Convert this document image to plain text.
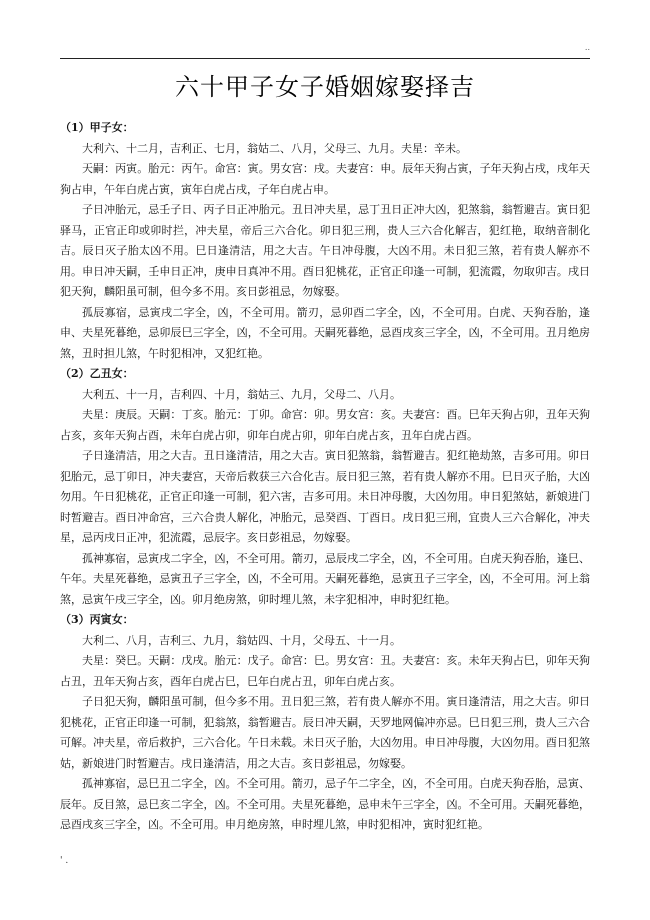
..
六十甲子女子婚姻嫁娶择吉

（1）甲子女：

大利六、十二月，吉利正、七月，翁姑二、八月，父母三、九月。夫星：辛未。

天嗣：丙寅。胎元：丙午。命宫：寅。男女宫：戌。夫妻宫：申。辰年天狗占寅，子年天狗占戌，戌年天狗占申，午年白虎占寅，寅年白虎占戌，子年白虎占申。

子日冲胎元，忌壬子日、丙子日正冲胎元。丑日冲夫星，忌丁丑日正冲大凶，犯煞翁，翁暂避吉。寅日犯驿马，正官正印或卯时拦，冲夫星，帝后三六合化。卯日犯三刑，贵人三六合化解吉，犯红艳，取纳音制化吉。辰日灭子胎太凶不用。巳日逢清洁，用之大吉。午日冲母腹，大凶不用。未日犯三煞，若有贵人解亦不用。申日冲天嗣，壬申日正冲，庚申日真冲不用。酉日犯桃花，正官正印逢一可制，犯流霞，勿取卯吉。戌日犯天狗，麟阳虽可制，但今多不用。亥日彭祖忌，勿嫁娶。

孤辰寡宿，忌寅戌二字全，凶，不全可用。箭刃，忌卯酉二字全，凶，不全可用。白虎、天狗吞胎，逢申、夫星死暮绝，忌卯辰巳三字全，凶，不全可用。天嗣死暮绝，忌酉戌亥三字全，凶，不全可用。丑月绝房煞，丑时担儿煞，午时犯相冲，又犯红艳。

（2）乙丑女：

大利五、十一月，吉利四、十月，翁姑三、九月，父母二、八月。

夫星：庚辰。天嗣：丁亥。胎元：丁卯。命宫：卯。男女宫：亥。夫妻宫：酉。巳年天狗占卯，丑年天狗占亥，亥年天狗占酉，未年白虎占卯，卯年白虎占卯，卯年白虎占亥，丑年白虎占酉。

子日逢清洁，用之大吉。丑日逢清洁，用之大吉。寅日犯煞翁，翁暂避吉。犯红艳劫煞，吉多可用。卯日犯胎元，忌丁卯日，冲夫妻宫，天帝后救获三六合化吉。辰日犯三煞，若有贵人解亦不用。巳日灭子胎，大凶勿用。午日犯桃花，正官正印逢一可制，犯六害，吉多可用。未日冲母腹，大凶勿用。申日犯煞姑，新娘进门时暂避吉。酉日冲命宫，三六合贵人解化，冲胎元，忌癸酉、丁酉日。戌日犯三刑，宜贵人三六合解化，冲夫星，忌丙戌日正冲，犯流霞，忌辰字。亥日彭祖忌，勿嫁娶。

孤神寡宿，忌寅戌二字全，凶，不全可用。箭刃，忌辰戌二字全，凶，不全可用。白虎天狗吞胎，逢巳、午年。夫星死暮绝，忌寅丑子三字全，凶，不全可用。天嗣死暮绝，忌寅丑子三字全，凶，不全可用。河上翁煞，忌寅午戌三字全，凶。卯月绝房煞，卯时埋儿煞，未字犯相冲，申时犯红艳。

（3）丙寅女：

大利二、八月，吉利三、九月，翁姑四、十月，父母五、十一月。

夫星：癸巳。天嗣：戊戌。胎元：戊子。命宫：巳。男女宫：丑。夫妻宫：亥。未年天狗占巳，卯年天狗占丑，丑年天狗占亥，酉年白虎占巳，巳年白虎占丑，卯年白虎占亥。

子日犯天狗，麟阳虽可制，但今多不用。丑日犯三煞，若有贵人解亦不用。寅日逢清洁，用之大吉。卯日犯桃花，正官正印逢一可制，犯翁煞，翁暂避吉。辰日冲天嗣，天罗地网偏冲亦忌。巳日犯三刑，贵人三六合可解。冲夫星，帝后救护，三六合化。午日未载。未日灭子胎，大凶勿用。申日冲母腹，大凶勿用。酉日犯煞姑，新娘进门时暂避吉。戌日逢清洁，用之大吉。亥日彭祖忌，勿嫁娶。

孤神寡宿，忌巳丑二字全，凶。不全可用。箭刃，忌子午二字全，凶，不全可用。白虎天狗吞胎，忌寅、辰年。反目煞，忌巳亥二字全，凶。不全可用。夫星死暮绝，忌申未午三字全，凶。不全可用。天嗣死暮绝，忌酉戌亥三字全，凶。不全可用。申月绝房煞，申时埋儿煞，申时犯相冲，寅时犯红艳。

' .
